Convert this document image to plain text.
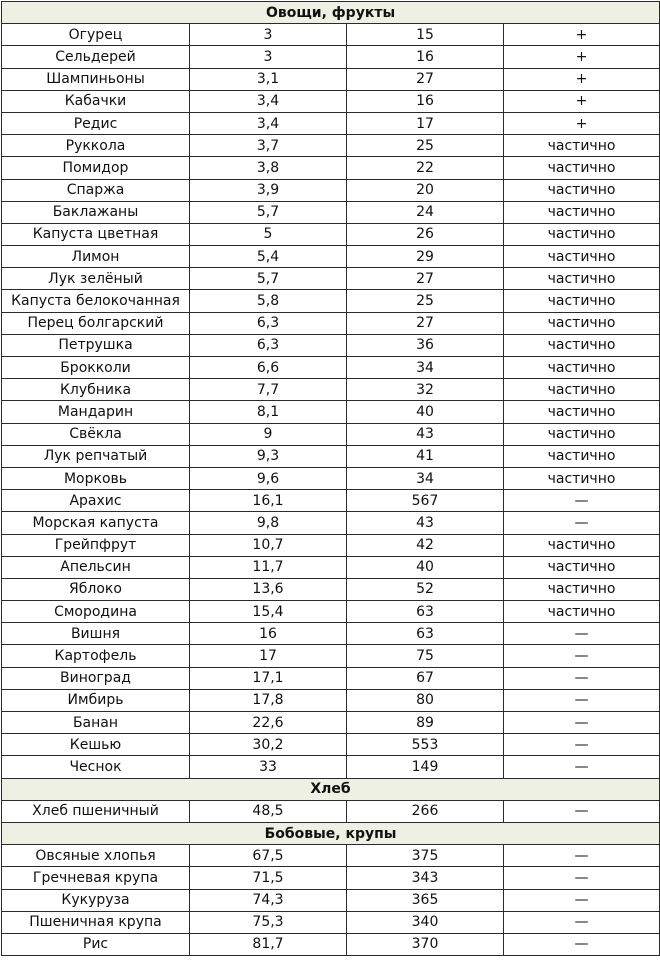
Овощи, фрукты			
Огурец	3	15	+
Сельдерей	3	16	+
Шампиньоны	3,1	27	+
Кабачки	3,4	16	+
Редис	3,4	17	+
Руккола	3,7	25	частично
Помидор	3,8	22	частично
Спаржа	3,9	20	частично
Баклажаны	5,7	24	частично
Капуста цветная	5	26	частично
Лимон	5,4	29	частично
Лук зелёный	5,7	27	частично
Капуста белокочанная	5,8	25	частично
Перец болгарский	6,3	27	частично
Петрушка	6,3	36	частично
Брокколи	6,6	34	частично
Клубника	7,7	32	частично
Мандарин	8,1	40	частично
Свёкла	9	43	частично
Лук репчатый	9,3	41	частично
Морковь	9,6	34	частично
Арахис	16,1	567	—
Морская капуста	9,8	43	—
Грейпфрут	10,7	42	частично
Апельсин	11,7	40	частично
Яблоко	13,6	52	частично
Смородина	15,4	63	частично
Вишня	16	63	—
Картофель	17	75	—
Виноград	17,1	67	—
Имбирь	17,8	80	—
Банан	22,6	89	—
Кешью	30,2	553	—
Чеснок	33	149	—
Хлеб			
Хлеб пшеничный	48,5	266	—
Бобовые, крупы			
Овсяные хлопья	67,5	375	—
Гречневая крупа	71,5	343	—
Кукуруза	74,3	365	—
Пшеничная крупа	75,3	340	—
Рис	81,7	370	—
